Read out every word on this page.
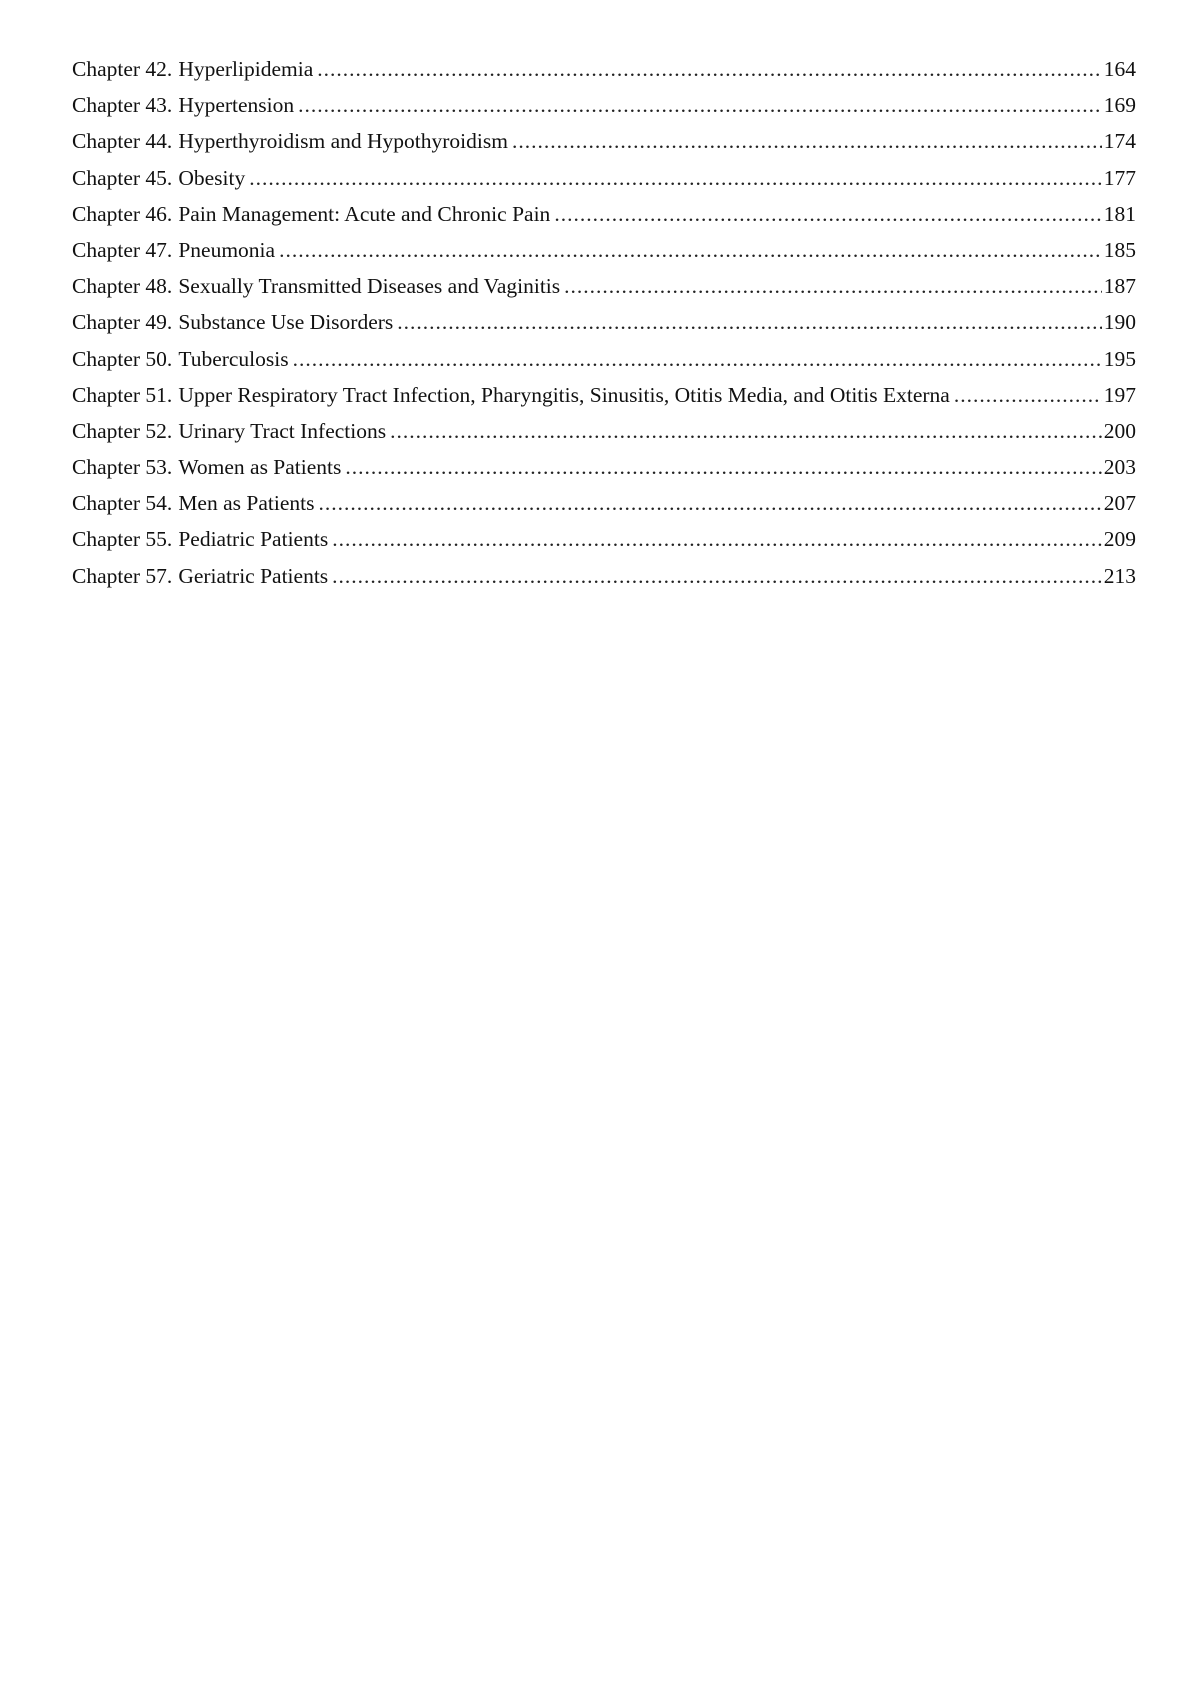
Chapter 42. Hyperlipidemia .....	164
Chapter 43. Hypertension .....	169
Chapter 44. Hyperthyroidism and Hypothyroidism .....	174
Chapter 45. Obesity .....	177
Chapter 46. Pain Management: Acute and Chronic Pain .....	181
Chapter 47. Pneumonia .....	185
Chapter 48. Sexually Transmitted Diseases and Vaginitis .....	187
Chapter 49. Substance Use Disorders .....	190
Chapter 50. Tuberculosis .....	195
Chapter 51. Upper Respiratory Tract Infection, Pharyngitis, Sinusitis, Otitis Media, and Otitis Externa .....	197
Chapter 52. Urinary Tract Infections .....	200
Chapter 53. Women as Patients .....	203
Chapter 54. Men as Patients .....	207
Chapter 55. Pediatric Patients .....	209
Chapter 57. Geriatric Patients .....	213
